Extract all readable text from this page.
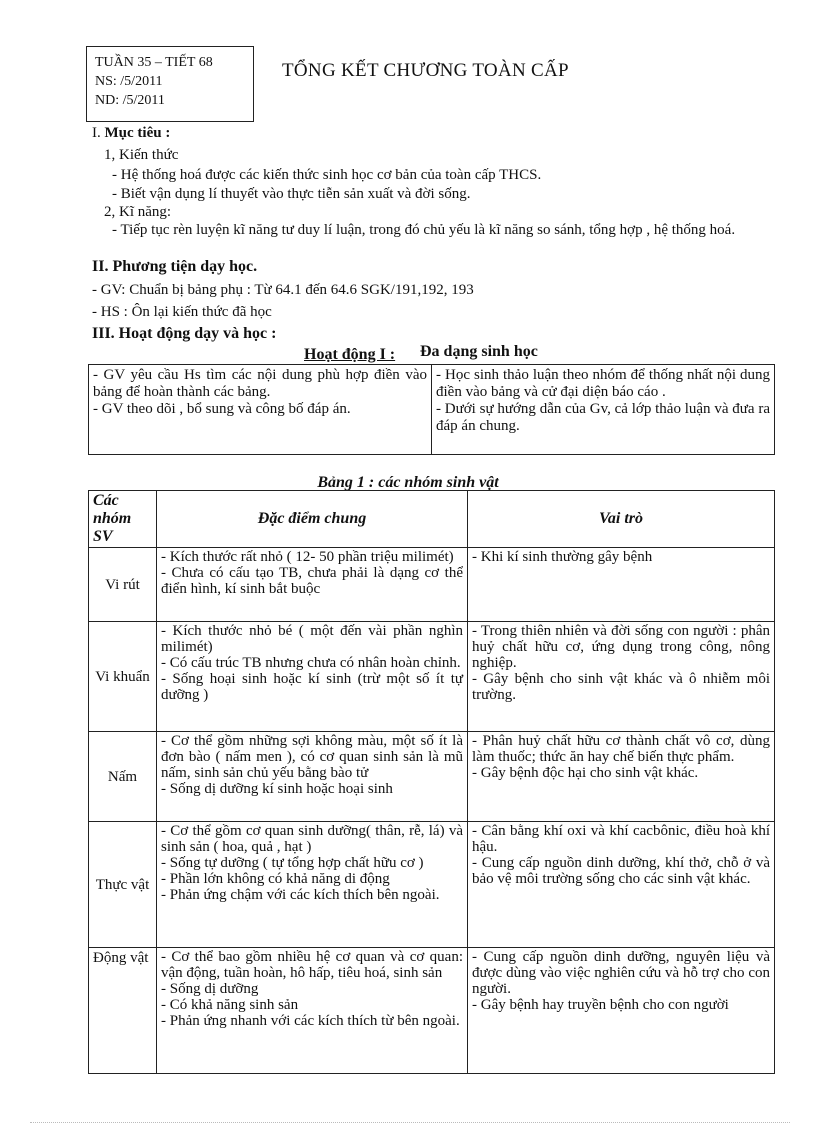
TUẦN 35 – TIẾT 68
NS: /5/2011
ND: /5/2011
TỔNG KẾT CHƯƠNG TOÀN CẤP
I. Mục tiêu :
1, Kiến thức
- Hệ thống hoá được các kiến thức sinh học cơ bản của toàn cấp THCS.
- Biết vận dụng lí thuyết vào thực tiễn sản xuất và đời sống.
2, Kĩ năng:
- Tiếp tục rèn luyện kĩ năng tư duy lí luận, trong đó chủ yếu là kĩ năng so sánh, tổng hợp , hệ thống hoá.
II. Phương tiện dạy học.
- GV: Chuẩn bị bảng phụ : Từ 64.1 đến 64.6 SGK/191,192, 193
- HS : Ôn lại kiến thức đã học
III. Hoạt động dạy và học :
Hoạt động I : Đa dạng sinh học
- GV yêu cầu Hs tìm các nội dung phù hợp điền vào bảng để hoàn thành các bảng.
- GV theo dõi , bổ sung và công bố đáp án.

- Học sinh thảo luận theo nhóm để thống nhất nội dung điền vào bảng và cử đại diện báo cáo .
- Dưới sự hướng dẫn của Gv, cả lớp thảo luận và đưa ra đáp án chung.
Bảng 1 : các nhóm sinh vật
Các nhóm SV	Đặc điểm chung	Vai trò
Vi rút	- Kích thước rất nhỏ ( 12- 50 phần triệu milimét)
- Chưa có cấu tạo TB, chưa phải là dạng cơ thể điển hình, kí sinh bắt buộc	- Khi kí sinh thường gây bệnh

Vi khuẩn	- Kích thước nhỏ bé ( một đến vài phần nghìn milimét)
- Có cấu trúc TB nhưng chưa có nhân hoàn chỉnh.
- Sống hoại sinh hoặc kí sinh (trừ một số ít tự dưỡng )	- Trong thiên nhiên và đời sống con người : phân huỷ chất hữu cơ, ứng dụng trong công, nông nghiệp.
- Gây bệnh cho sinh vật khác và ô nhiễm môi trường.

Nấm	- Cơ thể gồm những sợi không màu, một số ít là đơn bào ( nấm men ), có cơ quan sinh sản là mũ nấm, sinh sản chủ yếu bằng bào tử
- Sống dị dưỡng kí sinh hoặc hoại sinh	- Phân huỷ chất hữu cơ thành chất vô cơ, dùng làm thuốc; thức ăn hay chế biến thực phẩm.
- Gây bệnh độc hại cho sinh vật khác.

Thực vật	- Cơ thể gồm cơ quan sinh dưỡng( thân, rễ, lá) và sinh sản ( hoa, quả , hạt )
- Sống tự dưỡng ( tự tổng hợp chất hữu cơ )
- Phần lớn không có khả năng di động
- Phản ứng chậm với các kích thích bên ngoài.	- Cân bằng khí oxi và khí cacbônic, điều hoà khí hậu.
- Cung cấp nguồn dinh dưỡng, khí thở, chỗ ở và bảo vệ môi trường sống cho các sinh vật khác.

Động vật	- Cơ thể bao gồm nhiều hệ cơ quan và cơ quan: vận động, tuần hoàn, hô hấp, tiêu hoá, sinh sản
- Sống dị dưỡng
- Có khả năng sinh sản
- Phản ứng nhanh với các kích thích từ bên ngoài.	- Cung cấp nguồn dinh dưỡng, nguyên liệu và được dùng vào việc nghiên cứu và hỗ trợ cho con người.
- Gây bệnh hay truyền bệnh cho con người
